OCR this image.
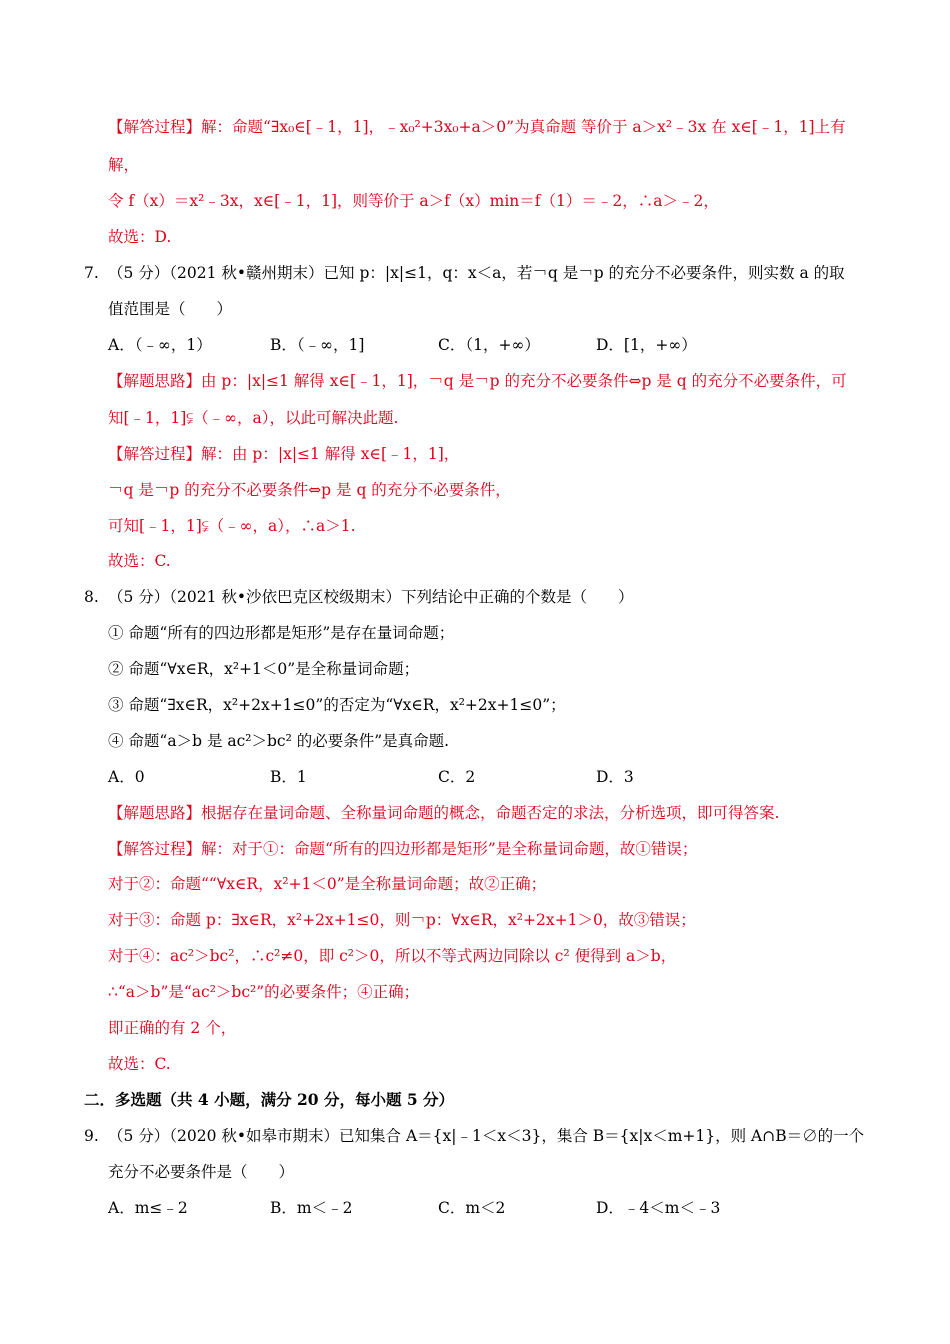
【解答过程】解：命题“∃x₀∈[﹣1，1]，﹣x₀²+3x₀+a＞0”为真命题 等价于 a＞x²﹣3x 在 x∈[﹣1，1]上有
解，
令 f（x）＝x²﹣3x，x∈[﹣1，1]，则等价于 a＞f（x）min＝f（1）＝﹣2，∴a＞﹣2，
故选：D.
7. （5 分）（2021 秋•赣州期末）已知 p：|x|≤1，q：x＜a，若￢q 是￢p 的充分不必要条件，则实数 a 的取
值范围是（　　）
A．（﹣∞，1）	B．（﹣∞，1]	C．（1，+∞）	D．[1，+∞）
【解题思路】由 p：|x|≤1 解得 x∈[﹣1，1]，￢q 是￢p 的充分不必要条件⇔p 是 q 的充分不必要条件，可
知[﹣1，1]⫋（﹣∞，a），以此可解决此题.
【解答过程】解：由 p：|x|≤1 解得 x∈[﹣1，1]，
￢q 是￢p 的充分不必要条件⇔p 是 q 的充分不必要条件，
可知[﹣1，1]⫋（﹣∞，a），∴a＞1.
故选：C.
8. （5 分）（2021 秋•沙依巴克区校级期末）下列结论中正确的个数是（　　）
① 命题“所有的四边形都是矩形”是存在量词命题；
② 命题“∀x∈R，x²+1＜0”是全称量词命题；
③ 命题“∃x∈R，x²+2x+1≤0”的否定为“∀x∈R，x²+2x+1≤0”；
④ 命题“a＞b 是 ac²＞bc² 的必要条件”是真命题.
A．0	B．1	C．2	D．3
【解题思路】根据存在量词命题、全称量词命题的概念，命题否定的求法，分析选项，即可得答案.
【解答过程】解：对于①：命题“所有的四边形都是矩形”是全称量词命题，故①错误；
对于②：命题““∀x∈R，x²+1＜0”是全称量词命题；故②正确；
对于③：命题 p：∃x∈R，x²+2x+1≤0，则￢p：∀x∈R，x²+2x+1＞0，故③错误；
对于④：ac²＞bc²，∴c²≠0，即 c²＞0，所以不等式两边同除以 c² 便得到 a＞b，
∴“a＞b”是“ac²＞bc²”的必要条件；④正确；
即正确的有 2 个，
故选：C.
二．多选题（共 4 小题，满分 20 分，每小题 5 分）
9. （5 分）（2020 秋•如皋市期末）已知集合 A＝{x|﹣1＜x＜3}，集合 B＝{x|x＜m+1}，则 A∩B＝∅的一个
充分不必要条件是（　　）
A．m≤﹣2	B．m＜﹣2	C．m＜2	D．﹣4＜m＜﹣3
